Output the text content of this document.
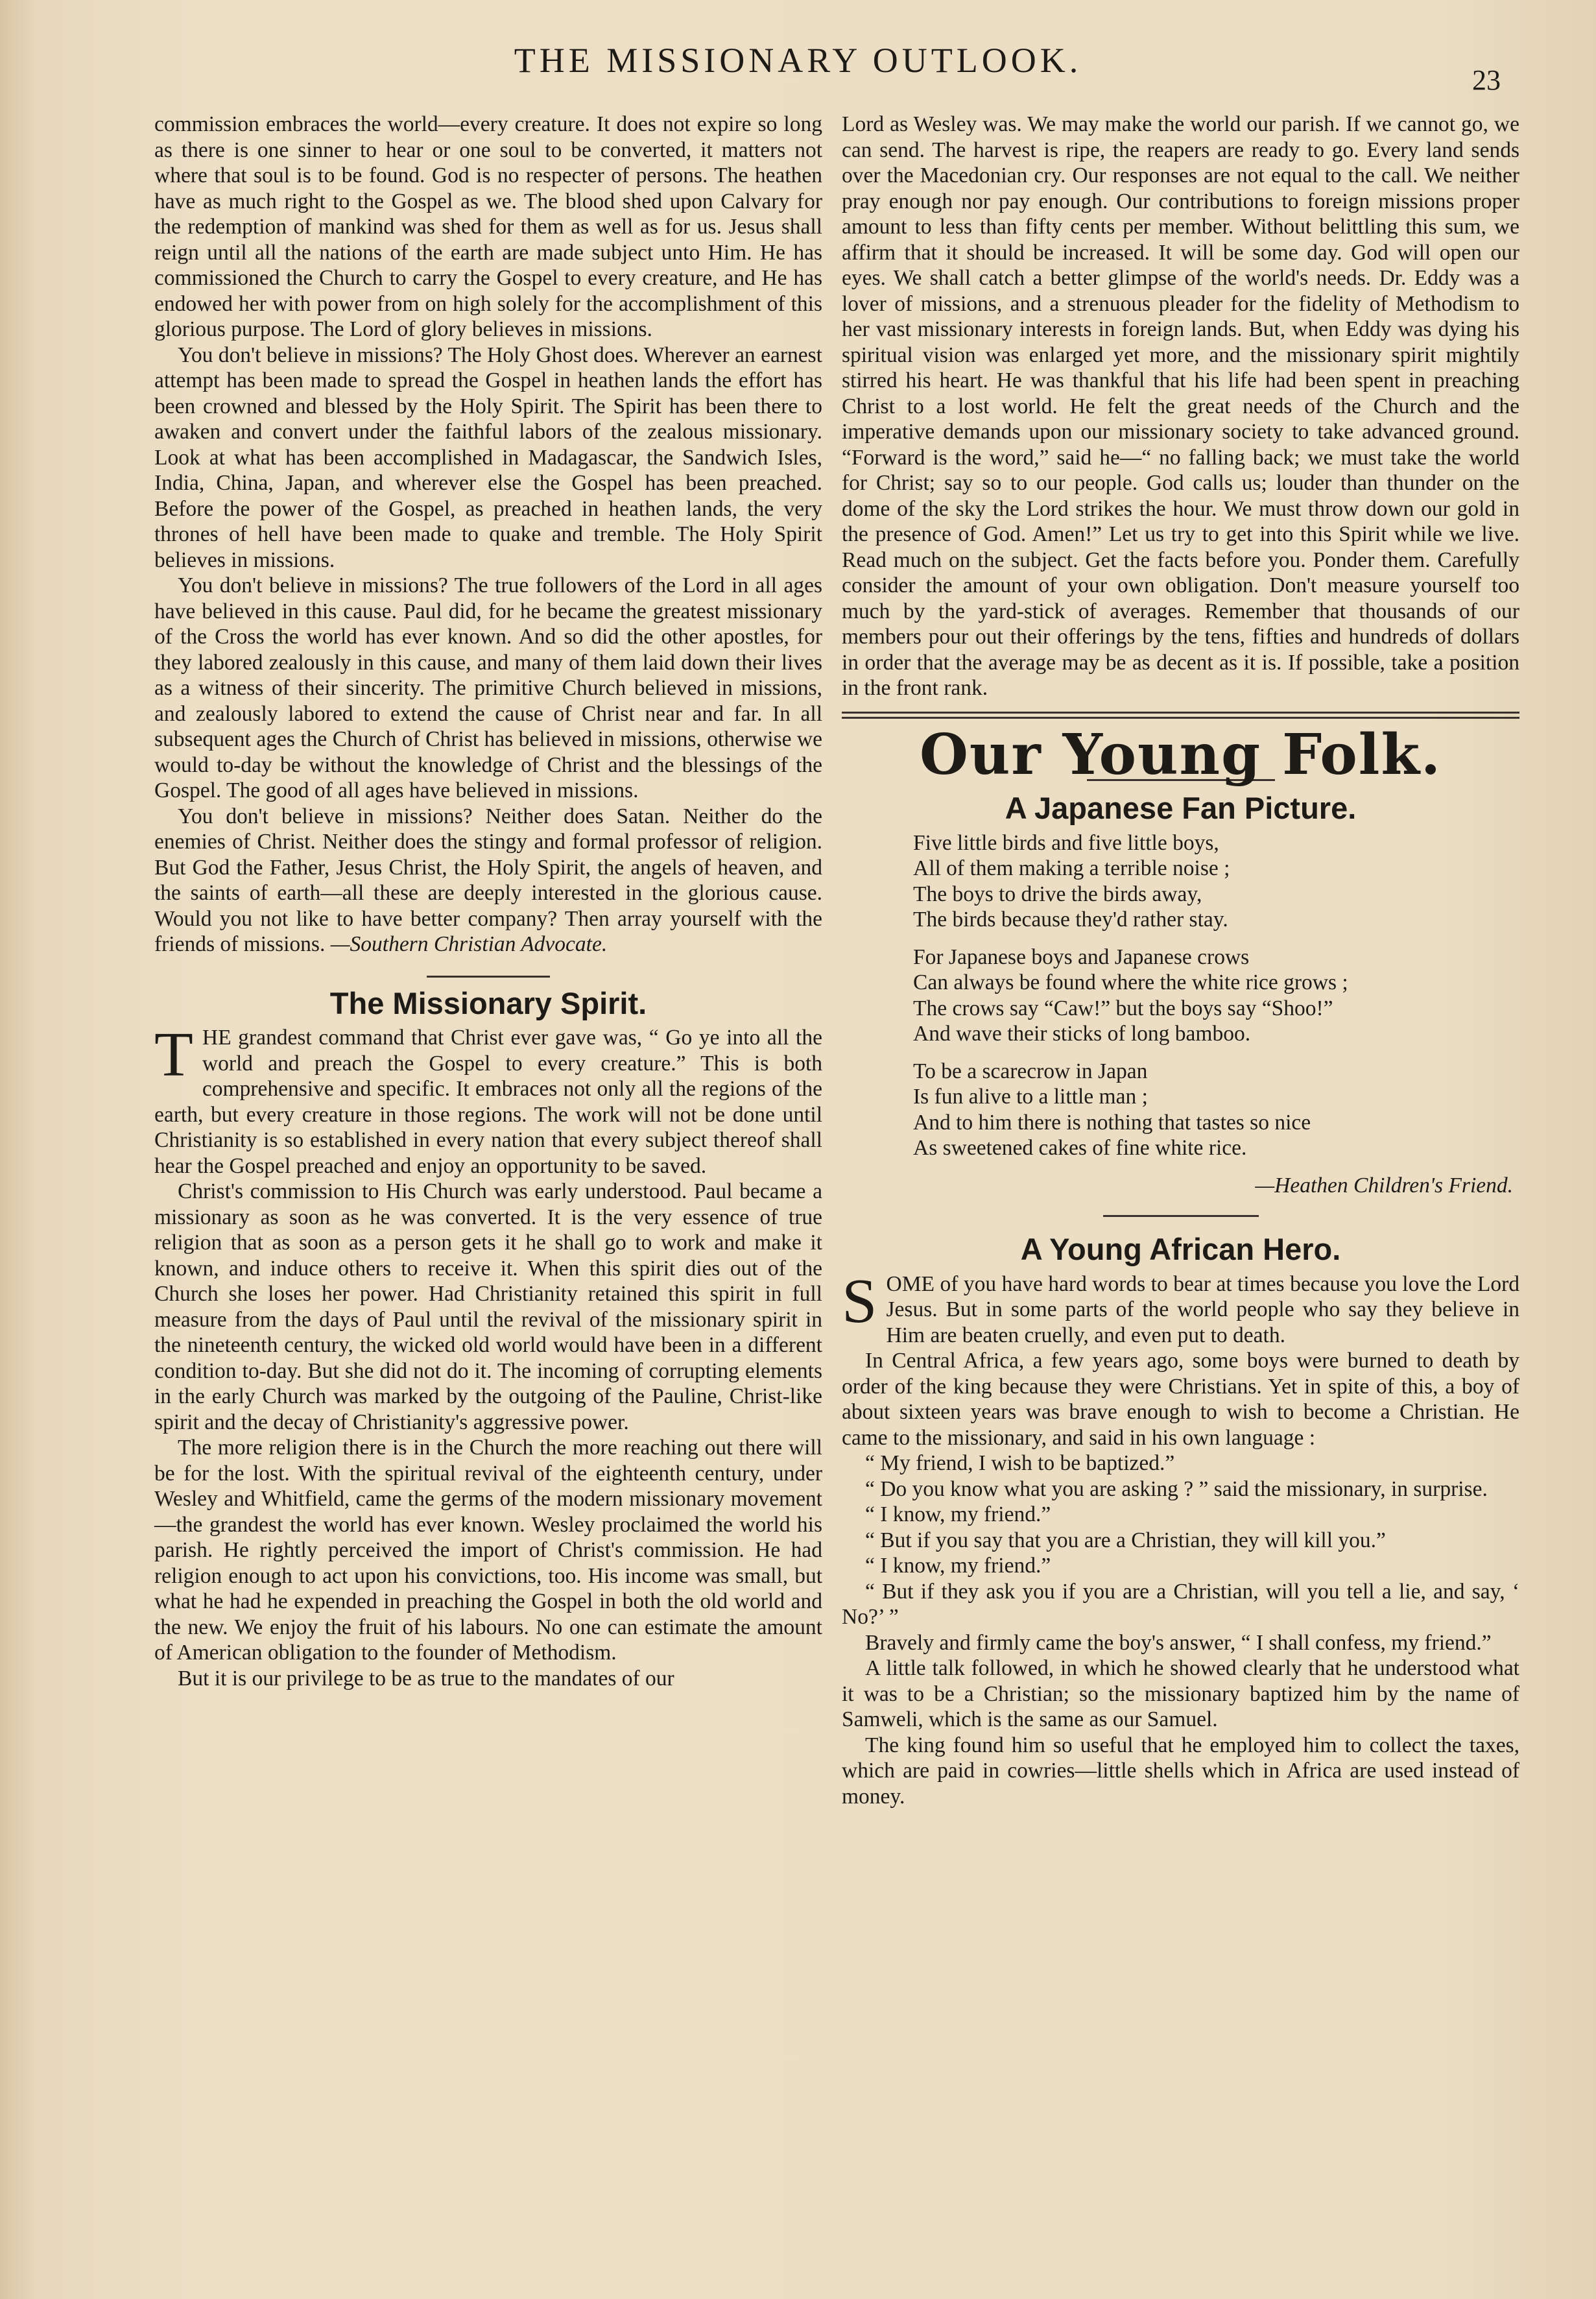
THE MISSIONARY OUTLOOK.
23

commission embraces the world—every creature. It does not expire so long as there is one sinner to hear or one soul to be converted, it matters not where that soul is to be found. God is no respecter of persons. The heathen have as much right to the Gospel as we. The blood shed upon Calvary for the redemption of mankind was shed for them as well as for us. Jesus shall reign until all the nations of the earth are made subject unto Him. He has commissioned the Church to carry the Gospel to every creature, and He has endowed her with power from on high solely for the accomplishment of this glorious purpose. The Lord of glory believes in missions.

You don't believe in missions? The Holy Ghost does. Wherever an earnest attempt has been made to spread the Gospel in heathen lands the effort has been crowned and blessed by the Holy Spirit. The Spirit has been there to awaken and convert under the faithful labors of the zealous missionary. Look at what has been accomplished in Madagascar, the Sandwich Isles, India, China, Japan, and wherever else the Gospel has been preached. Before the power of the Gospel, as preached in heathen lands, the very thrones of hell have been made to quake and tremble. The Holy Spirit believes in missions.

You don't believe in missions? The true followers of the Lord in all ages have believed in this cause. Paul did, for he became the greatest missionary of the Cross the world has ever known. And so did the other apostles, for they labored zealously in this cause, and many of them laid down their lives as a witness of their sincerity. The primitive Church believed in missions, and zealously labored to extend the cause of Christ near and far. In all subsequent ages the Church of Christ has believed in missions, otherwise we would to-day be without the knowledge of Christ and the blessings of the Gospel. The good of all ages have believed in missions.

You don't believe in missions? Neither does Satan. Neither do the enemies of Christ. Neither does the stingy and formal professor of religion. But God the Father, Jesus Christ, the Holy Spirit, the angels of heaven, and the saints of earth—all these are deeply interested in the glorious cause. Would you not like to have better company? Then array yourself with the friends of missions. —Southern Christian Advocate.

The Missionary Spirit.

T HE grandest command that Christ ever gave was, “ Go ye into all the world and preach the Gospel to every creature.” This is both comprehensive and specific. It embraces not only all the regions of the earth, but every creature in those regions. The work will not be done until Christianity is so established in every nation that every subject thereof shall hear the Gospel preached and enjoy an opportunity to be saved.

Christ's commission to His Church was early understood. Paul became a missionary as soon as he was converted. It is the very essence of true religion that as soon as a person gets it he shall go to work and make it known, and induce others to receive it. When this spirit dies out of the Church she loses her power. Had Christianity retained this spirit in full measure from the days of Paul until the revival of the missionary spirit in the nineteenth century, the wicked old world would have been in a different condition to-day. But she did not do it. The incoming of corrupting elements in the early Church was marked by the outgoing of the Pauline, Christ-like spirit and the decay of Christianity's aggressive power.

The more religion there is in the Church the more reaching out there will be for the lost. With the spiritual revival of the eighteenth century, under Wesley and Whitfield, came the germs of the modern missionary movement—the grandest the world has ever known. Wesley proclaimed the world his parish. He rightly perceived the import of Christ's commission. He had religion enough to act upon his convictions, too. His income was small, but what he had he expended in preaching the Gospel in both the old world and the new. We enjoy the fruit of his labours. No one can estimate the amount of American obligation to the founder of Methodism.

But it is our privilege to be as true to the mandates of our

Lord as Wesley was. We may make the world our parish. If we cannot go, we can send. The harvest is ripe, the reapers are ready to go. Every land sends over the Macedonian cry. Our responses are not equal to the call. We neither pray enough nor pay enough. Our contributions to foreign missions proper amount to less than fifty cents per member. Without belittling this sum, we affirm that it should be increased. It will be some day. God will open our eyes. We shall catch a better glimpse of the world's needs. Dr. Eddy was a lover of missions, and a strenuous pleader for the fidelity of Methodism to her vast missionary interests in foreign lands. But, when Eddy was dying his spiritual vision was enlarged yet more, and the missionary spirit mightily stirred his heart. He was thankful that his life had been spent in preaching Christ to a lost world. He felt the great needs of the Church and the imperative demands upon our missionary society to take advanced ground. “Forward is the word,” said he—“ no falling back; we must take the world for Christ; say so to our people. God calls us; louder than thunder on the dome of the sky the Lord strikes the hour. We must throw down our gold in the presence of God. Amen!” Let us try to get into this Spirit while we live. Read much on the subject. Get the facts before you. Ponder them. Carefully consider the amount of your own obligation. Don't measure yourself too much by the yard-stick of averages. Remember that thousands of our members pour out their offerings by the tens, fifties and hundreds of dollars in order that the average may be as decent as it is. If possible, take a position in the front rank.

Our Young Folk.
A Japanese Fan Picture.
Five little birds and five little boys,
All of them making a terrible noise ;
The boys to drive the birds away,
The birds because they'd rather stay.
For Japanese boys and Japanese crows
Can always be found where the white rice grows ;
The crows say “Caw!” but the boys say “Shoo!”
And wave their sticks of long bamboo.
To be a scarecrow in Japan
Is fun alive to a little man ;
And to him there is nothing that tastes so nice
As sweetened cakes of fine white rice.
—Heathen Children's Friend.
A Young African Hero.

S OME of you have hard words to bear at times because you love the Lord Jesus. But in some parts of the world people who say they believe in Him are beaten cruelly, and even put to death.

In Central Africa, a few years ago, some boys were burned to death by order of the king because they were Christians. Yet in spite of this, a boy of about sixteen years was brave enough to wish to become a Christian. He came to the missionary, and said in his own language :

“ My friend, I wish to be baptized.”

“ Do you know what you are asking ? ” said the missionary, in surprise.

“ I know, my friend.”

“ But if you say that you are a Christian, they will kill you.”

“ I know, my friend.”

“ But if they ask you if you are a Christian, will you tell a lie, and say, ‘ No?’ ”

Bravely and firmly came the boy's answer, “ I shall confess, my friend.”

A little talk followed, in which he showed clearly that he understood what it was to be a Christian; so the missionary baptized him by the name of Samweli, which is the same as our Samuel.

The king found him so useful that he employed him to collect the taxes, which are paid in cowries—little shells which in Africa are used instead of money.
